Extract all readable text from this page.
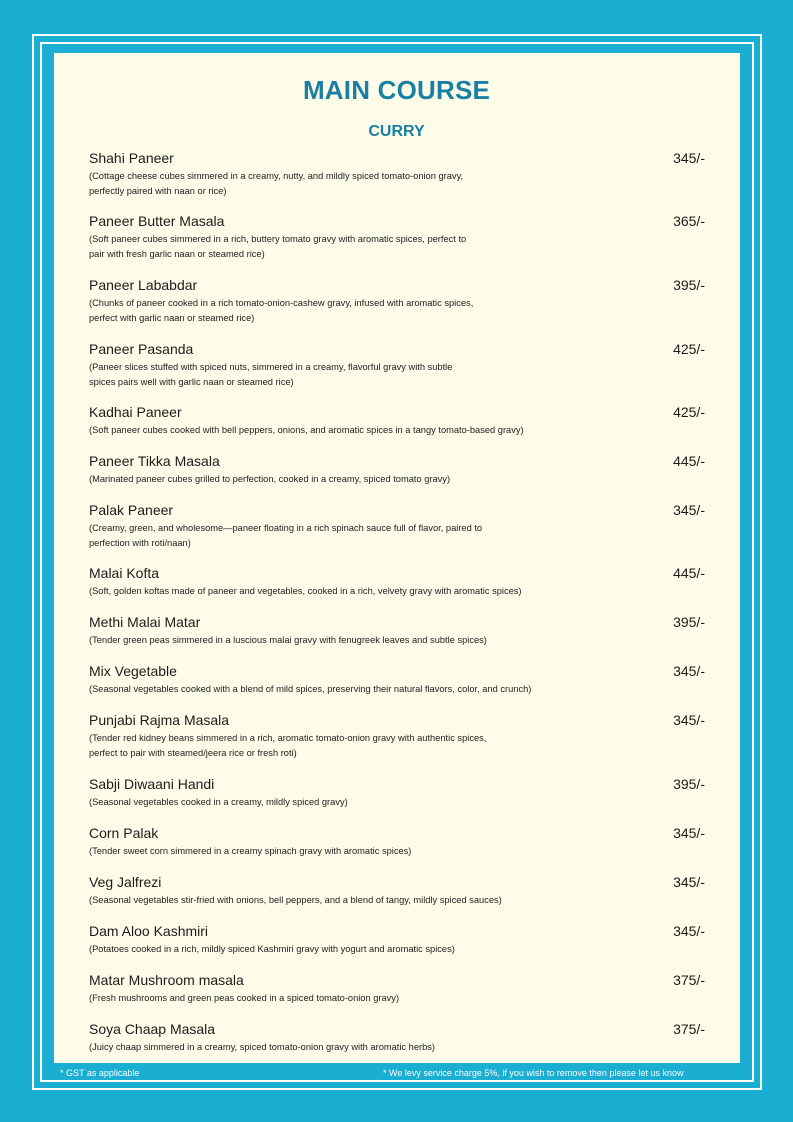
MAIN COURSE
CURRY
Shahi Paneer	345/-
(Cottage cheese cubes simmered in a creamy, nutty, and mildly spiced tomato-onion gravy,
perfectly paired with naan or rice)
Paneer Butter Masala	365/-
(Soft paneer cubes simmered in a rich, buttery tomato gravy with aromatic spices, perfect to
pair with fresh garlic naan or steamed rice)
Paneer Lababdar	395/-
(Chunks of paneer cooked in a rich tomato-onion-cashew gravy, infused with aromatic spices,
perfect with garlic naan or steamed rice)
Paneer Pasanda	425/-
(Paneer slices stuffed with spiced nuts, simmered in a creamy, flavorful gravy with subtle
spices pairs well with garlic naan or steamed rice)
Kadhai Paneer	425/-
(Soft paneer cubes cooked with bell peppers, onions, and aromatic spices in a tangy tomato-based gravy)
Paneer Tikka Masala	445/-
(Marinated paneer cubes grilled to perfection, cooked in a creamy, spiced tomato gravy)
Palak Paneer	345/-
(Creamy, green, and wholesome—paneer floating in a rich spinach sauce full of flavor, paired to
perfection with roti/naan)
Malai Kofta	445/-
(Soft, golden koftas made of paneer and vegetables, cooked in a rich, velvety gravy with aromatic spices)
Methi Malai Matar	395/-
(Tender green peas simmered in a luscious malai gravy with fenugreek leaves and subtle spices)
Mix Vegetable	345/-
(Seasonal vegetables cooked with a blend of mild spices, preserving their natural flavors, color, and crunch)
Punjabi Rajma Masala	345/-
(Tender red kidney beans simmered in a rich, aromatic tomato-onion gravy with authentic spices,
perfect to pair with steamed/jeera rice or fresh roti)
Sabji Diwaani Handi	395/-
(Seasonal vegetables cooked in a creamy, mildly spiced gravy)
Corn Palak	345/-
(Tender sweet corn simmered in a creamy spinach gravy with aromatic spices)
Veg Jalfrezi	345/-
(Seasonal vegetables stir-fried with onions, bell peppers, and a blend of tangy, mildly spiced sauces)
Dam Aloo Kashmiri	345/-
(Potatoes cooked in a rich, mildly spiced Kashmiri gravy with yogurt and aromatic spices)
Matar Mushroom masala	375/-
(Fresh mushrooms and green peas cooked in a spiced tomato-onion gravy)
Soya Chaap Masala	375/-
(Juicy chaap simmered in a creamy, spiced tomato-onion gravy with aromatic herbs)
* GST as applicable	* We levy service charge 5%, if you wish to remove then please let us know
